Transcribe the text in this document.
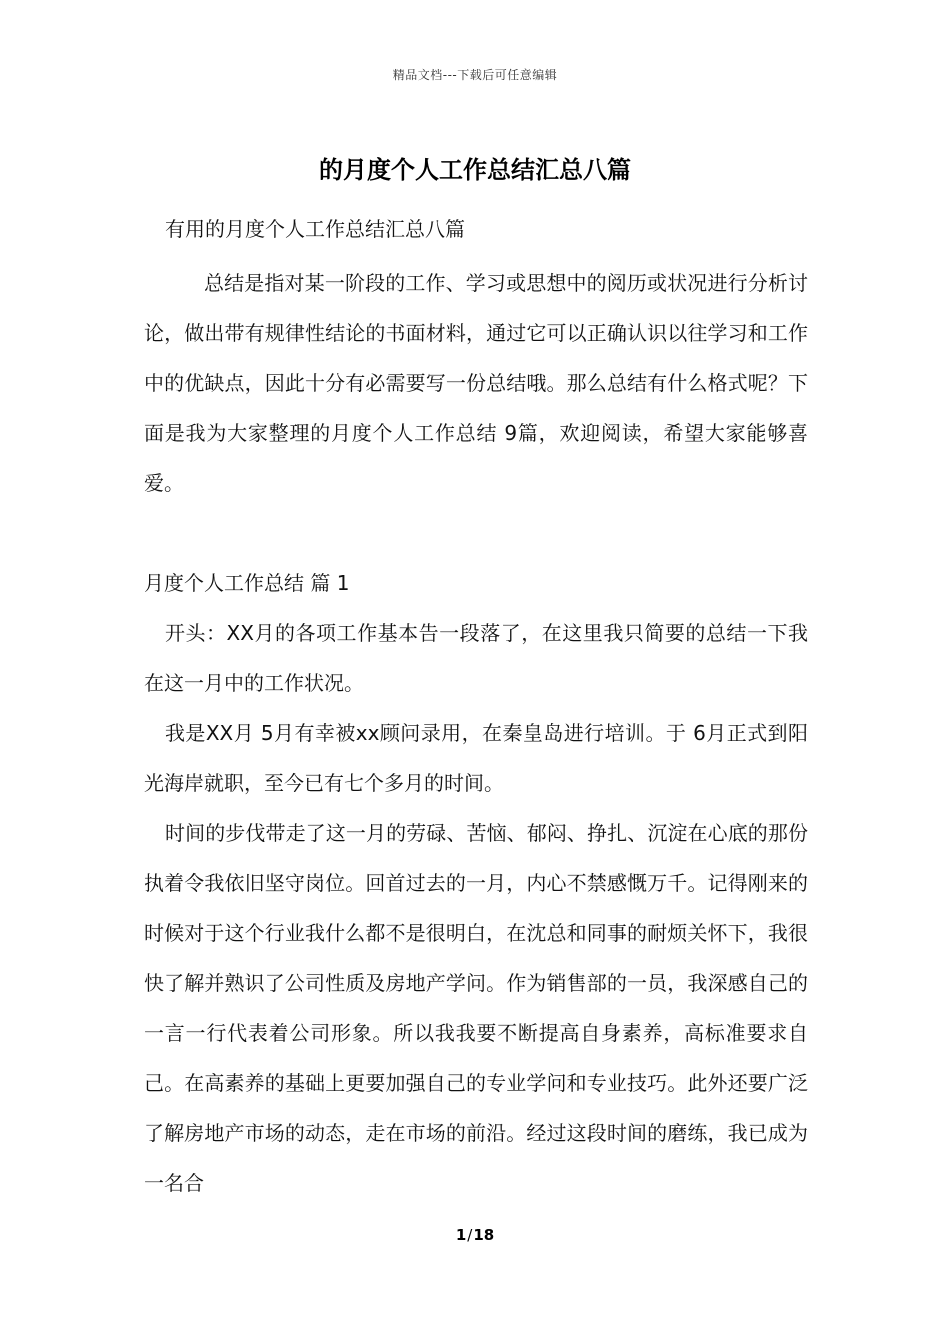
精品文档---下载后可任意编辑
的月度个人工作总结汇总八篇

有用的月度个人工作总结汇总八篇

总结是指对某一阶段的工作、学习或思想中的阅历或状况进行分析讨论，做出带有规律性结论的书面材料，通过它可以正确认识以往学习和工作中的优缺点，因此十分有必需要写一份总结哦。那么总结有什么格式呢？下面是我为大家整理的月度个人工作总结 9篇，欢迎阅读，希望大家能够喜爱。

月度个人工作总结 篇 1

开头：XX月的各项工作基本告一段落了，在这里我只简要的总结一下我在这一月中的工作状况。

我是XX月 5月有幸被xx顾问录用，在秦皇岛进行培训。于 6月正式到阳光海岸就职，至今已有七个多月的时间。

时间的步伐带走了这一月的劳碌、苦恼、郁闷、挣扎、沉淀在心底的那份执着令我依旧坚守岗位。回首过去的一月，内心不禁感慨万千。记得刚来的时候对于这个行业我什么都不是很明白，在沈总和同事的耐烦关怀下，我很快了解并熟识了公司性质及房地产学问。作为销售部的一员，我深感自己的一言一行代表着公司形象。所以我我要不断提高自身素养，高标准要求自己。在高素养的基础上更要加强自己的专业学问和专业技巧。此外还要广泛了解房地产市场的动态，走在市场的前沿。经过这段时间的磨练，我已成为一名合

1/18
